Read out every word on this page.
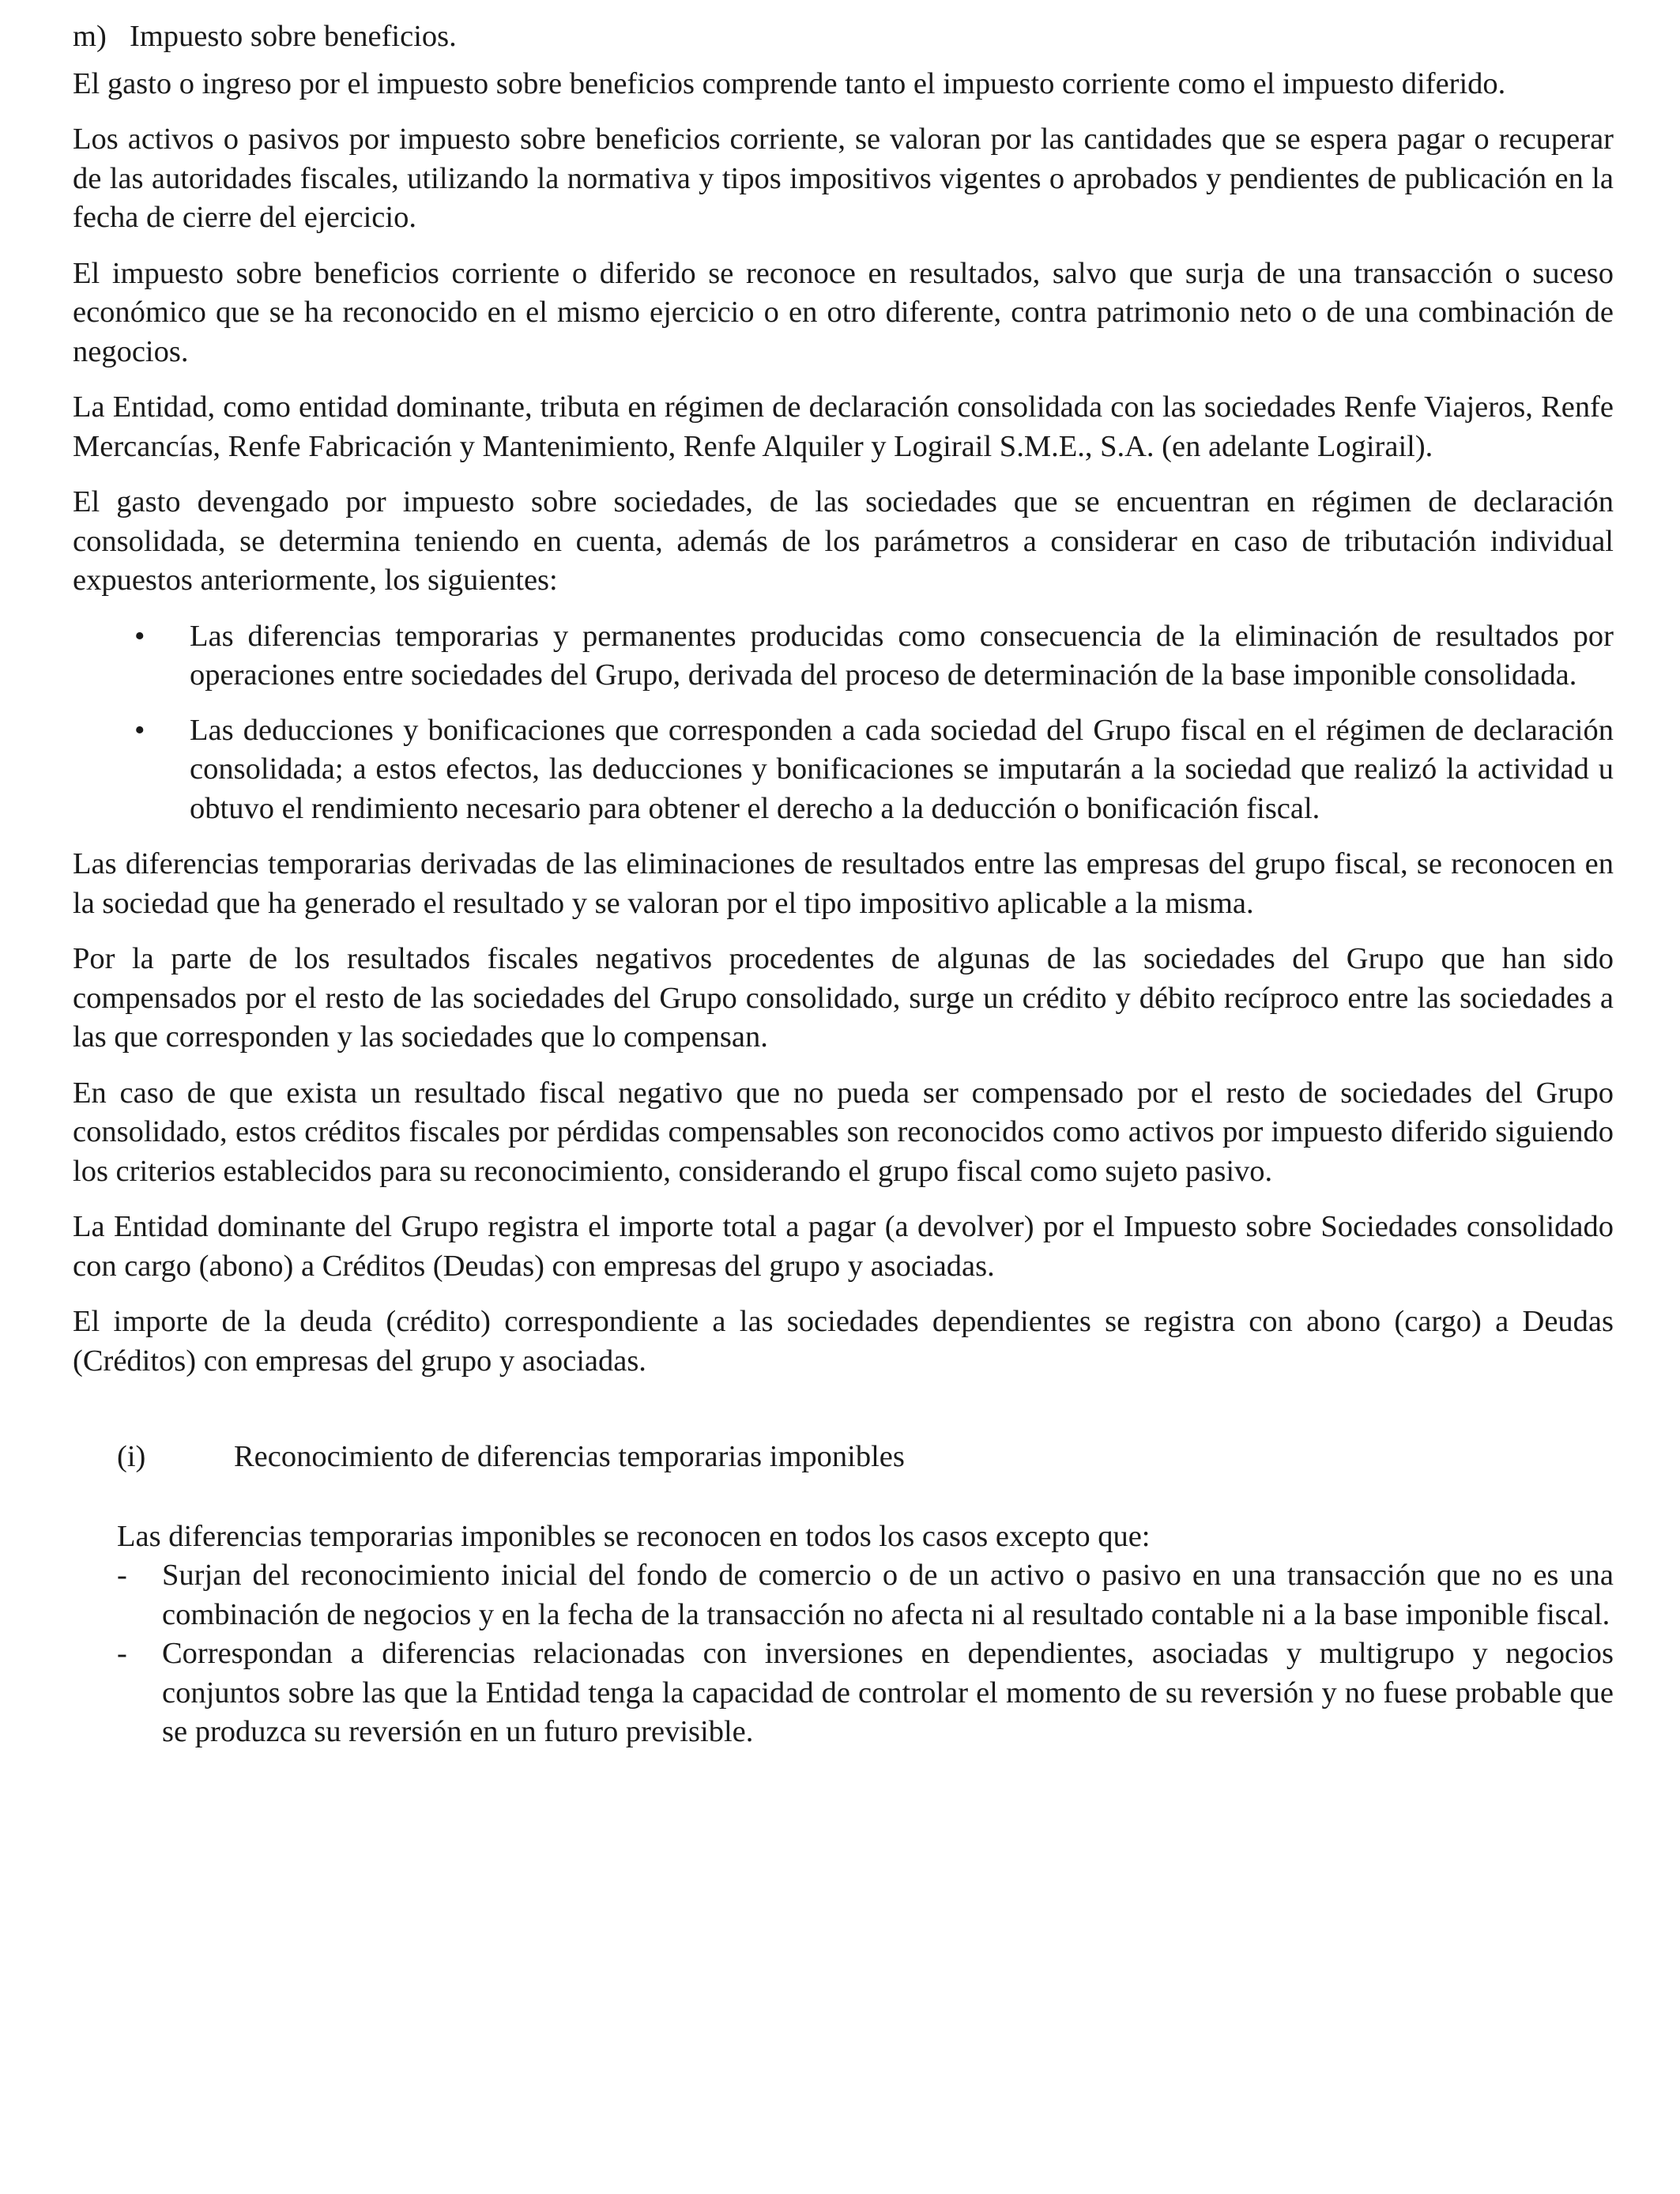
m) Impuesto sobre beneficios.

El gasto o ingreso por el impuesto sobre beneficios comprende tanto el impuesto corriente como el impuesto diferido.

Los activos o pasivos por impuesto sobre beneficios corriente, se valoran por las cantidades que se espera pagar o recuperar de las autoridades fiscales, utilizando la normativa y tipos impositivos vigentes o aprobados y pendientes de publicación en la fecha de cierre del ejercicio.

El impuesto sobre beneficios corriente o diferido se reconoce en resultados, salvo que surja de una transacción o suceso económico que se ha reconocido en el mismo ejercicio o en otro diferente, contra patrimonio neto o de una combinación de negocios.

La Entidad, como entidad dominante, tributa en régimen de declaración consolidada con las sociedades Renfe Viajeros, Renfe Mercancías, Renfe Fabricación y Mantenimiento, Renfe Alquiler y Logirail S.M.E., S.A. (en adelante Logirail).

El gasto devengado por impuesto sobre sociedades, de las sociedades que se encuentran en régimen de declaración consolidada, se determina teniendo en cuenta, además de los parámetros a considerar en caso de tributación individual expuestos anteriormente, los siguientes:

• Las diferencias temporarias y permanentes producidas como consecuencia de la eliminación de resultados por operaciones entre sociedades del Grupo, derivada del proceso de determinación de la base imponible consolidada.
• Las deducciones y bonificaciones que corresponden a cada sociedad del Grupo fiscal en el régimen de declaración consolidada; a estos efectos, las deducciones y bonificaciones se imputarán a la sociedad que realizó la actividad u obtuvo el rendimiento necesario para obtener el derecho a la deducción o bonificación fiscal.

Las diferencias temporarias derivadas de las eliminaciones de resultados entre las empresas del grupo fiscal, se reconocen en la sociedad que ha generado el resultado y se valoran por el tipo impositivo aplicable a la misma.

Por la parte de los resultados fiscales negativos procedentes de algunas de las sociedades del Grupo que han sido compensados por el resto de las sociedades del Grupo consolidado, surge un crédito y débito recíproco entre las sociedades a las que corresponden y las sociedades que lo compensan.

En caso de que exista un resultado fiscal negativo que no pueda ser compensado por el resto de sociedades del Grupo consolidado, estos créditos fiscales por pérdidas compensables son reconocidos como activos por impuesto diferido siguiendo los criterios establecidos para su reconocimiento, considerando el grupo fiscal como sujeto pasivo.

La Entidad dominante del Grupo registra el importe total a pagar (a devolver) por el Impuesto sobre Sociedades consolidado con cargo (abono) a Créditos (Deudas) con empresas del grupo y asociadas.

El importe de la deuda (crédito) correspondiente a las sociedades dependientes se registra con abono (cargo) a Deudas (Créditos) con empresas del grupo y asociadas.

(i)	Reconocimiento de diferencias temporarias imponibles

Las diferencias temporarias imponibles se reconocen en todos los casos excepto que:

- Surjan del reconocimiento inicial del fondo de comercio o de un activo o pasivo en una transacción que no es una combinación de negocios y en la fecha de la transacción no afecta ni al resultado contable ni a la base imponible fiscal.
- Correspondan a diferencias relacionadas con inversiones en dependientes, asociadas y multigrupo y negocios conjuntos sobre las que la Entidad tenga la capacidad de controlar el momento de su reversión y no fuese probable que se produzca su reversión en un futuro previsible.
